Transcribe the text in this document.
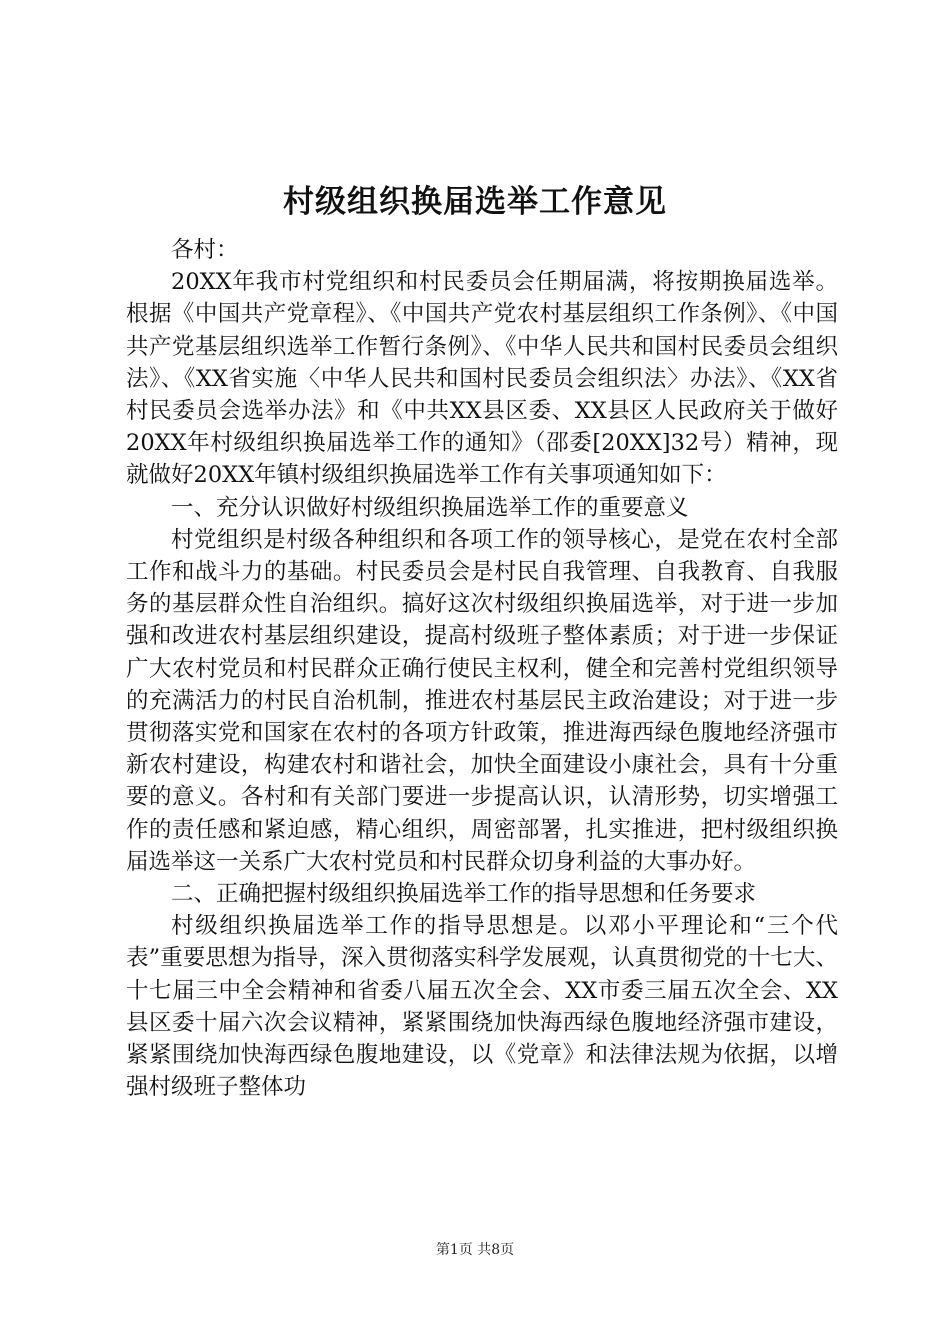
村级组织换届选举工作意见

各村：

20XX年我市村党组织和村民委员会任期届满，将按期换届选举。根据《中国共产党章程》、《中国共产党农村基层组织工作条例》、《中国共产党基层组织选举工作暂行条例》、《中华人民共和国村民委员会组织法》、《XX省实施〈中华人民共和国村民委员会组织法〉办法》、《XX省村民委员会选举办法》和《中共XX县区委、XX县区人民政府关于做好20XX年村级组织换届选举工作的通知》（邵委[20XX]32号）精神，现就做好20XX年镇村级组织换届选举工作有关事项通知如下：

一、充分认识做好村级组织换届选举工作的重要意义

村党组织是村级各种组织和各项工作的领导核心，是党在农村全部工作和战斗力的基础。村民委员会是村民自我管理、自我教育、自我服务的基层群众性自治组织。搞好这次村级组织换届选举，对于进一步加强和改进农村基层组织建设，提高村级班子整体素质；对于进一步保证广大农村党员和村民群众正确行使民主权利，健全和完善村党组织领导的充满活力的村民自治机制，推进农村基层民主政治建设；对于进一步贯彻落实党和国家在农村的各项方针政策，推进海西绿色腹地经济强市新农村建设，构建农村和谐社会，加快全面建设小康社会，具有十分重要的意义。各村和有关部门要进一步提高认识，认清形势，切实增强工作的责任感和紧迫感，精心组织，周密部署，扎实推进，把村级组织换届选举这一关系广大农村党员和村民群众切身利益的大事办好。

二、正确把握村级组织换届选举工作的指导思想和任务要求

村级组织换届选举工作的指导思想是。以邓小平理论和“三个代表”重要思想为指导，深入贯彻落实科学发展观，认真贯彻党的十七大、十七届三中全会精神和省委八届五次全会、XX市委三届五次全会、XX县区委十届六次会议精神，紧紧围绕加快海西绿色腹地经济强市建设，紧紧围绕加快海西绿色腹地建设，以《党章》和法律法规为依据，以增强村级班子整体功

第1页 共8页
